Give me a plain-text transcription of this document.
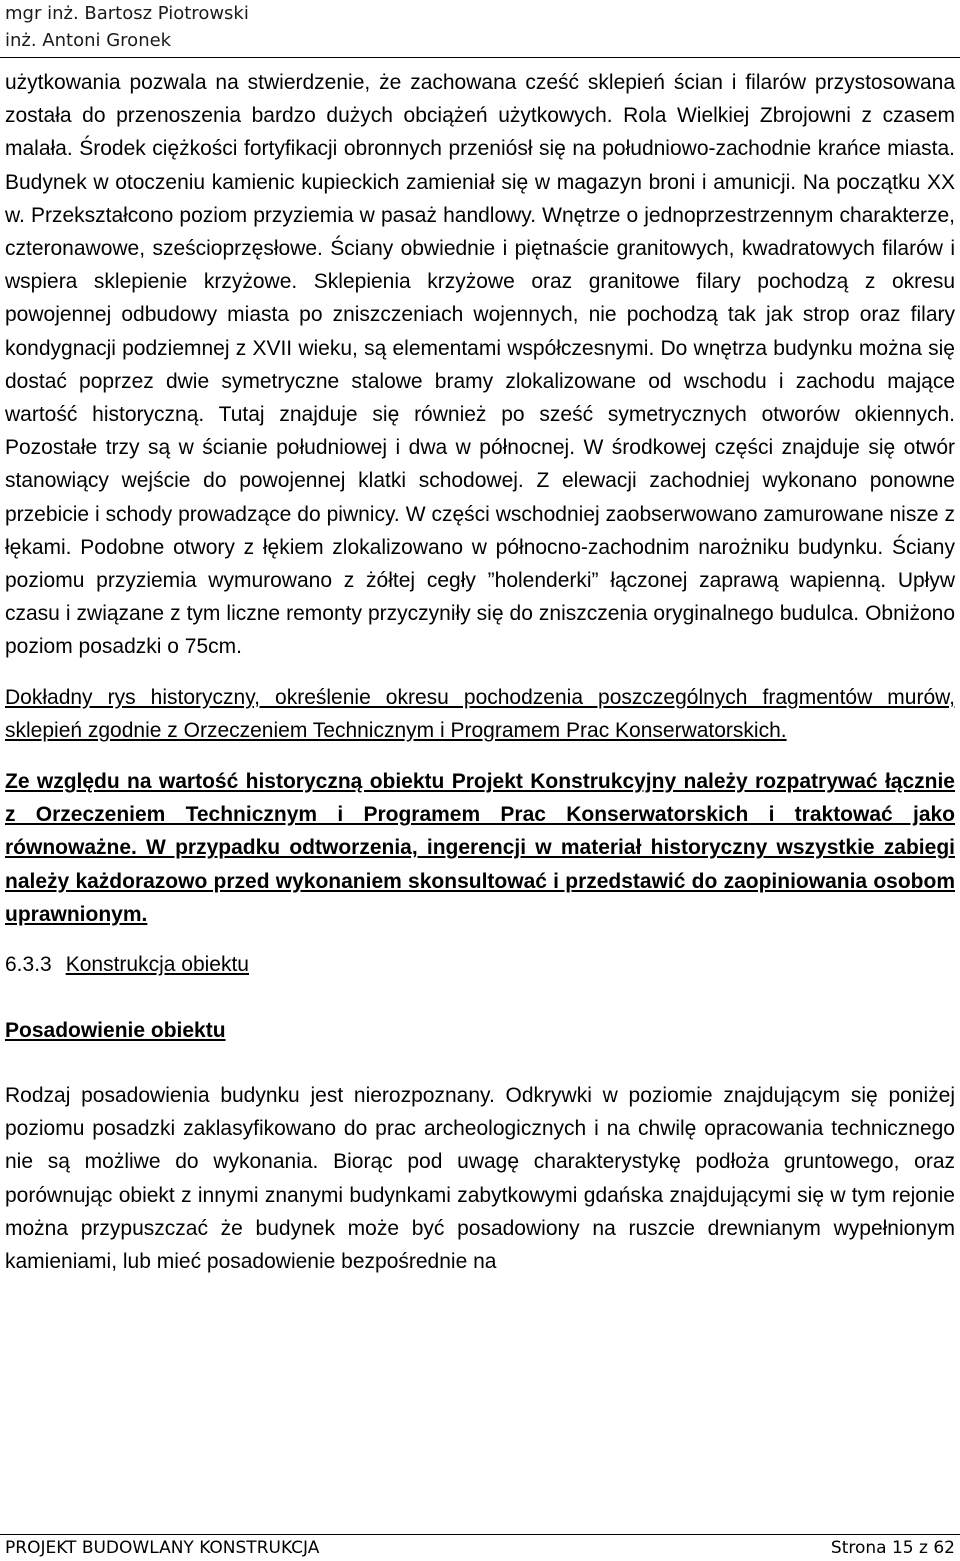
mgr inż. Bartosz Piotrowski
inż. Antoni Gronek

użytkowania pozwala na stwierdzenie, że zachowana cześć sklepień ścian i filarów przystosowana została do przenoszenia bardzo dużych obciążeń użytkowych. Rola Wielkiej Zbrojowni z czasem malała. Środek ciężkości fortyfikacji obronnych przeniósł się na południowo-zachodnie krańce miasta. Budynek w otoczeniu kamienic kupieckich zamieniał się w magazyn broni i amunicji. Na początku XX w. Przekształcono poziom przyziemia w pasaż handlowy. Wnętrze o jednoprzestrzennym charakterze, czteronawowe, sześcioprzęsłowe. Ściany obwiednie i piętnaście granitowych, kwadratowych filarów i wspiera sklepienie krzyżowe. Sklepienia krzyżowe oraz granitowe filary pochodzą z okresu powojennej odbudowy miasta po zniszczeniach wojennych, nie pochodzą tak jak strop oraz filary kondygnacji podziemnej z XVII wieku, są elementami współczesnymi. Do wnętrza budynku można się dostać poprzez dwie symetryczne stalowe bramy zlokalizowane od wschodu i zachodu mające wartość historyczną. Tutaj znajduje się również po sześć symetrycznych otworów okiennych. Pozostałe trzy są w ścianie południowej i dwa w północnej. W środkowej części znajduje się otwór stanowiący wejście do powojennej klatki schodowej. Z elewacji zachodniej wykonano ponowne przebicie i schody prowadzące do piwnicy. W części wschodniej zaobserwowano zamurowane nisze z łękami. Podobne otwory z łękiem zlokalizowano w północno-zachodnim narożniku budynku. Ściany poziomu przyziemia wymurowano z żółtej cegły ”holenderki” łączonej zaprawą wapienną. Upływ czasu i związane z tym liczne remonty przyczyniły się do zniszczenia oryginalnego budulca. Obniżono poziom posadzki o 75cm.

Dokładny rys historyczny, określenie okresu pochodzenia poszczególnych fragmentów murów, sklepień zgodnie z Orzeczeniem Technicznym i Programem Prac Konserwatorskich.

Ze względu na wartość historyczną obiektu Projekt Konstrukcyjny należy rozpatrywać łącznie z Orzeczeniem Technicznym i Programem Prac Konserwatorskich i traktować jako równoważne. W przypadku odtworzenia, ingerencji w materiał historyczny wszystkie zabiegi należy każdorazowo przed wykonaniem skonsultować i przedstawić do zaopiniowania osobom uprawnionym.

6.3.3 Konstrukcja obiektu
Posadowienie obiektu

Rodzaj posadowienia budynku jest nierozpoznany. Odkrywki w poziomie znajdującym się poniżej poziomu posadzki zaklasyfikowano do prac archeologicznych i na chwilę opracowania technicznego nie są możliwe do wykonania. Biorąc pod uwagę charakterystykę podłoża gruntowego, oraz porównując obiekt z innymi znanymi budynkami zabytkowymi gdańska znajdującymi się w tym rejonie można przypuszczać że budynek może być posadowiony na ruszcie drewnianym wypełnionym kamieniami, lub mieć posadowienie bezpośrednie na

PROJEKT BUDOWLANY KONSTRUKCJA	Strona 15 z 62
